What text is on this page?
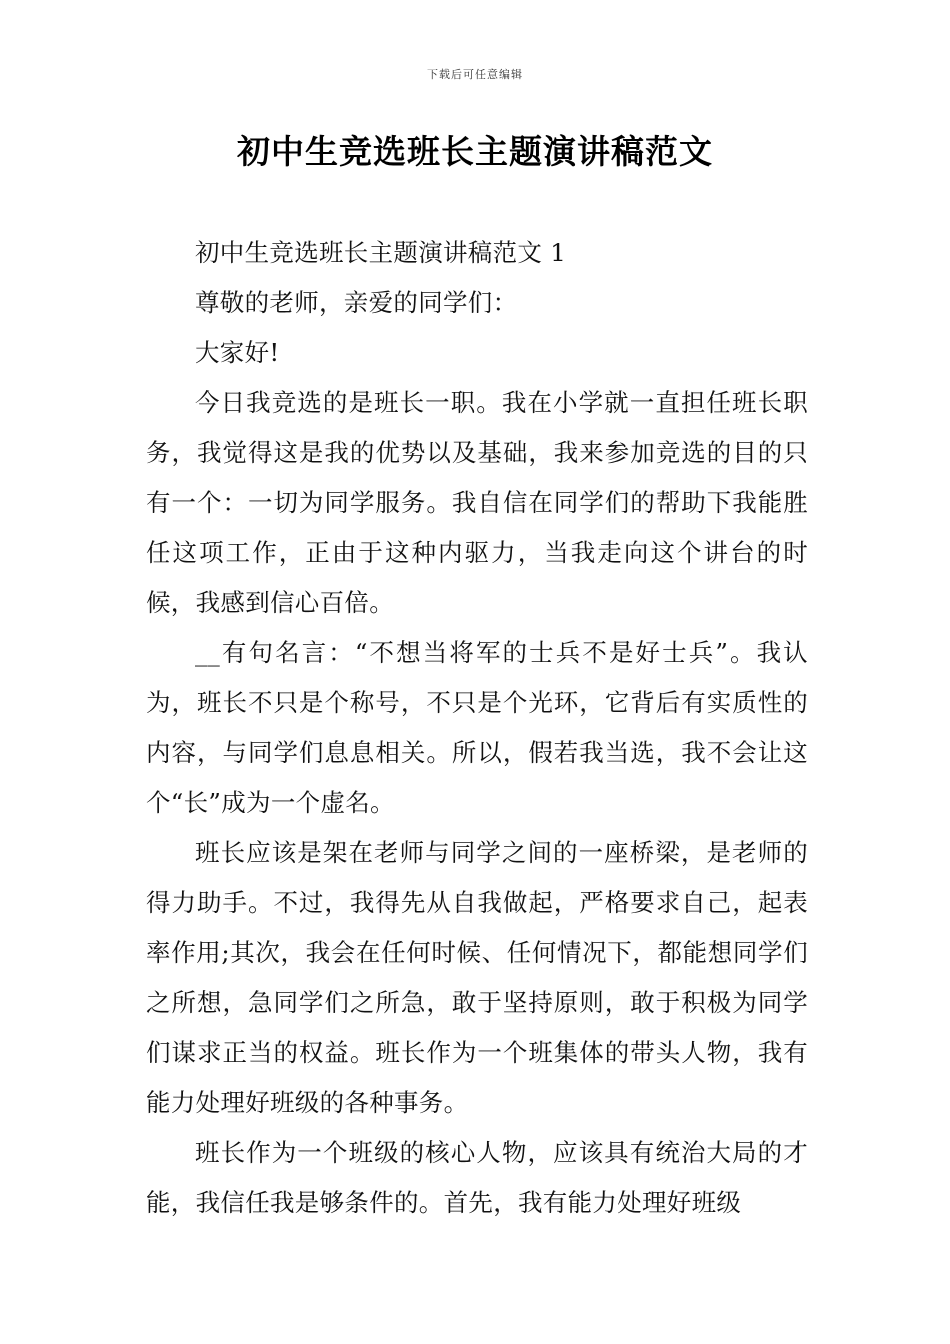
下载后可任意编辑
初中生竞选班长主题演讲稿范文

初中生竞选班长主题演讲稿范文 1

尊敬的老师，亲爱的同学们：

大家好!

今日我竞选的是班长一职。我在小学就一直担任班长职务，我觉得这是我的优势以及基础，我来参加竞选的目的只有一个：一切为同学服务。我自信在同学们的帮助下我能胜任这项工作，正由于这种内驱力，当我走向这个讲台的时候，我感到信心百倍。

__有句名言：“不想当将军的士兵不是好士兵”。我认为，班长不只是个称号，不只是个光环，它背后有实质性的内容，与同学们息息相关。所以，假若我当选，我不会让这个“长”成为一个虚名。

班长应该是架在老师与同学之间的一座桥梁，是老师的得力助手。不过，我得先从自我做起，严格要求自己，起表率作用;其次，我会在任何时候、任何情况下，都能想同学们之所想，急同学们之所急，敢于坚持原则，敢于积极为同学们谋求正当的权益。班长作为一个班集体的带头人物，我有能力处理好班级的各种事务。

班长作为一个班级的核心人物，应该具有统治大局的才能，我信任我是够条件的。首先，我有能力处理好班级
